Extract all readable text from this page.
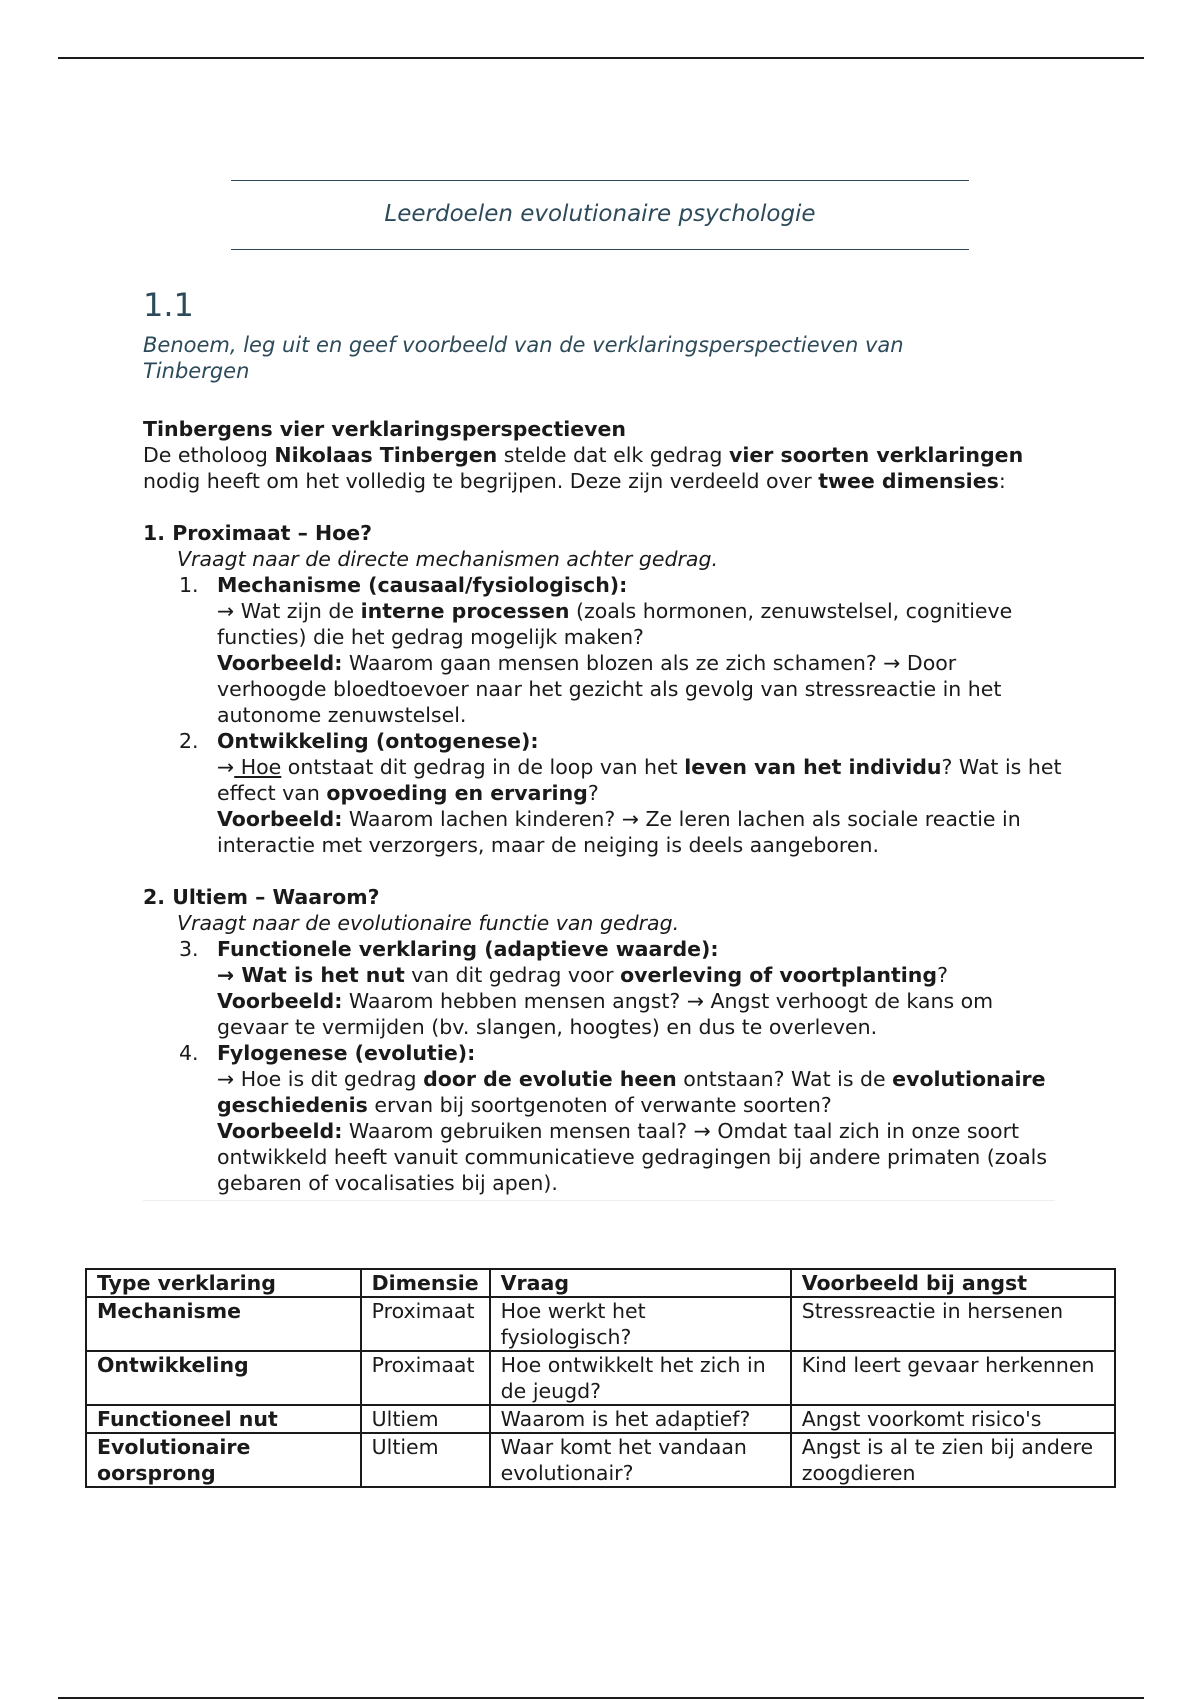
Leerdoelen evolutionaire psychologie
1.1
Benoem, leg uit en geef voorbeeld van de verklaringsperspectieven van Tinbergen

Tinbergens vier verklaringsperspectieven

De etholoog Nikolaas Tinbergen stelde dat elk gedrag vier soorten verklaringen nodig heeft om het volledig te begrijpen. Deze zijn verdeeld over twee dimensies:

1. Proximaat – Hoe?
Vraagt naar de directe mechanismen achter gedrag.
1. Mechanisme (causaal/fysiologisch):
→ Wat zijn de interne processen (zoals hormonen, zenuwstelsel, cognitieve functies) die het gedrag mogelijk maken?
Voorbeeld: Waarom gaan mensen blozen als ze zich schamen? → Door verhoogde bloedtoevoer naar het gezicht als gevolg van stressreactie in het autonome zenuwstelsel.
2. Ontwikkeling (ontogenese):
→ Hoe ontstaat dit gedrag in de loop van het leven van het individu? Wat is het effect van opvoeding en ervaring?
Voorbeeld: Waarom lachen kinderen? → Ze leren lachen als sociale reactie in interactie met verzorgers, maar de neiging is deels aangeboren.
2. Ultiem – Waarom?
Vraagt naar de evolutionaire functie van gedrag.
3. Functionele verklaring (adaptieve waarde):
→ Wat is het nut van dit gedrag voor overleving of voortplanting?
Voorbeeld: Waarom hebben mensen angst? → Angst verhoogt de kans om gevaar te vermijden (bv. slangen, hoogtes) en dus te overleven.
4. Fylogenese (evolutie):
→ Hoe is dit gedrag door de evolutie heen ontstaan? Wat is de evolutionaire geschiedenis ervan bij soortgenoten of verwante soorten?
Voorbeeld: Waarom gebruiken mensen taal? → Omdat taal zich in onze soort ontwikkeld heeft vanuit communicatieve gedragingen bij andere primaten (zoals gebaren of vocalisaties bij apen).
Type verklaring	Dimensie	Vraag	Voorbeeld bij angst
Mechanisme	Proximaat	Hoe werkt het fysiologisch?	Stressreactie in hersenen
Ontwikkeling	Proximaat	Hoe ontwikkelt het zich in de jeugd?	Kind leert gevaar herkennen
Functioneel nut	Ultiem	Waarom is het adaptief?	Angst voorkomt risico's
Evolutionaire oorsprong	Ultiem	Waar komt het vandaan evolutionair?	Angst is al te zien bij andere zoogdieren
